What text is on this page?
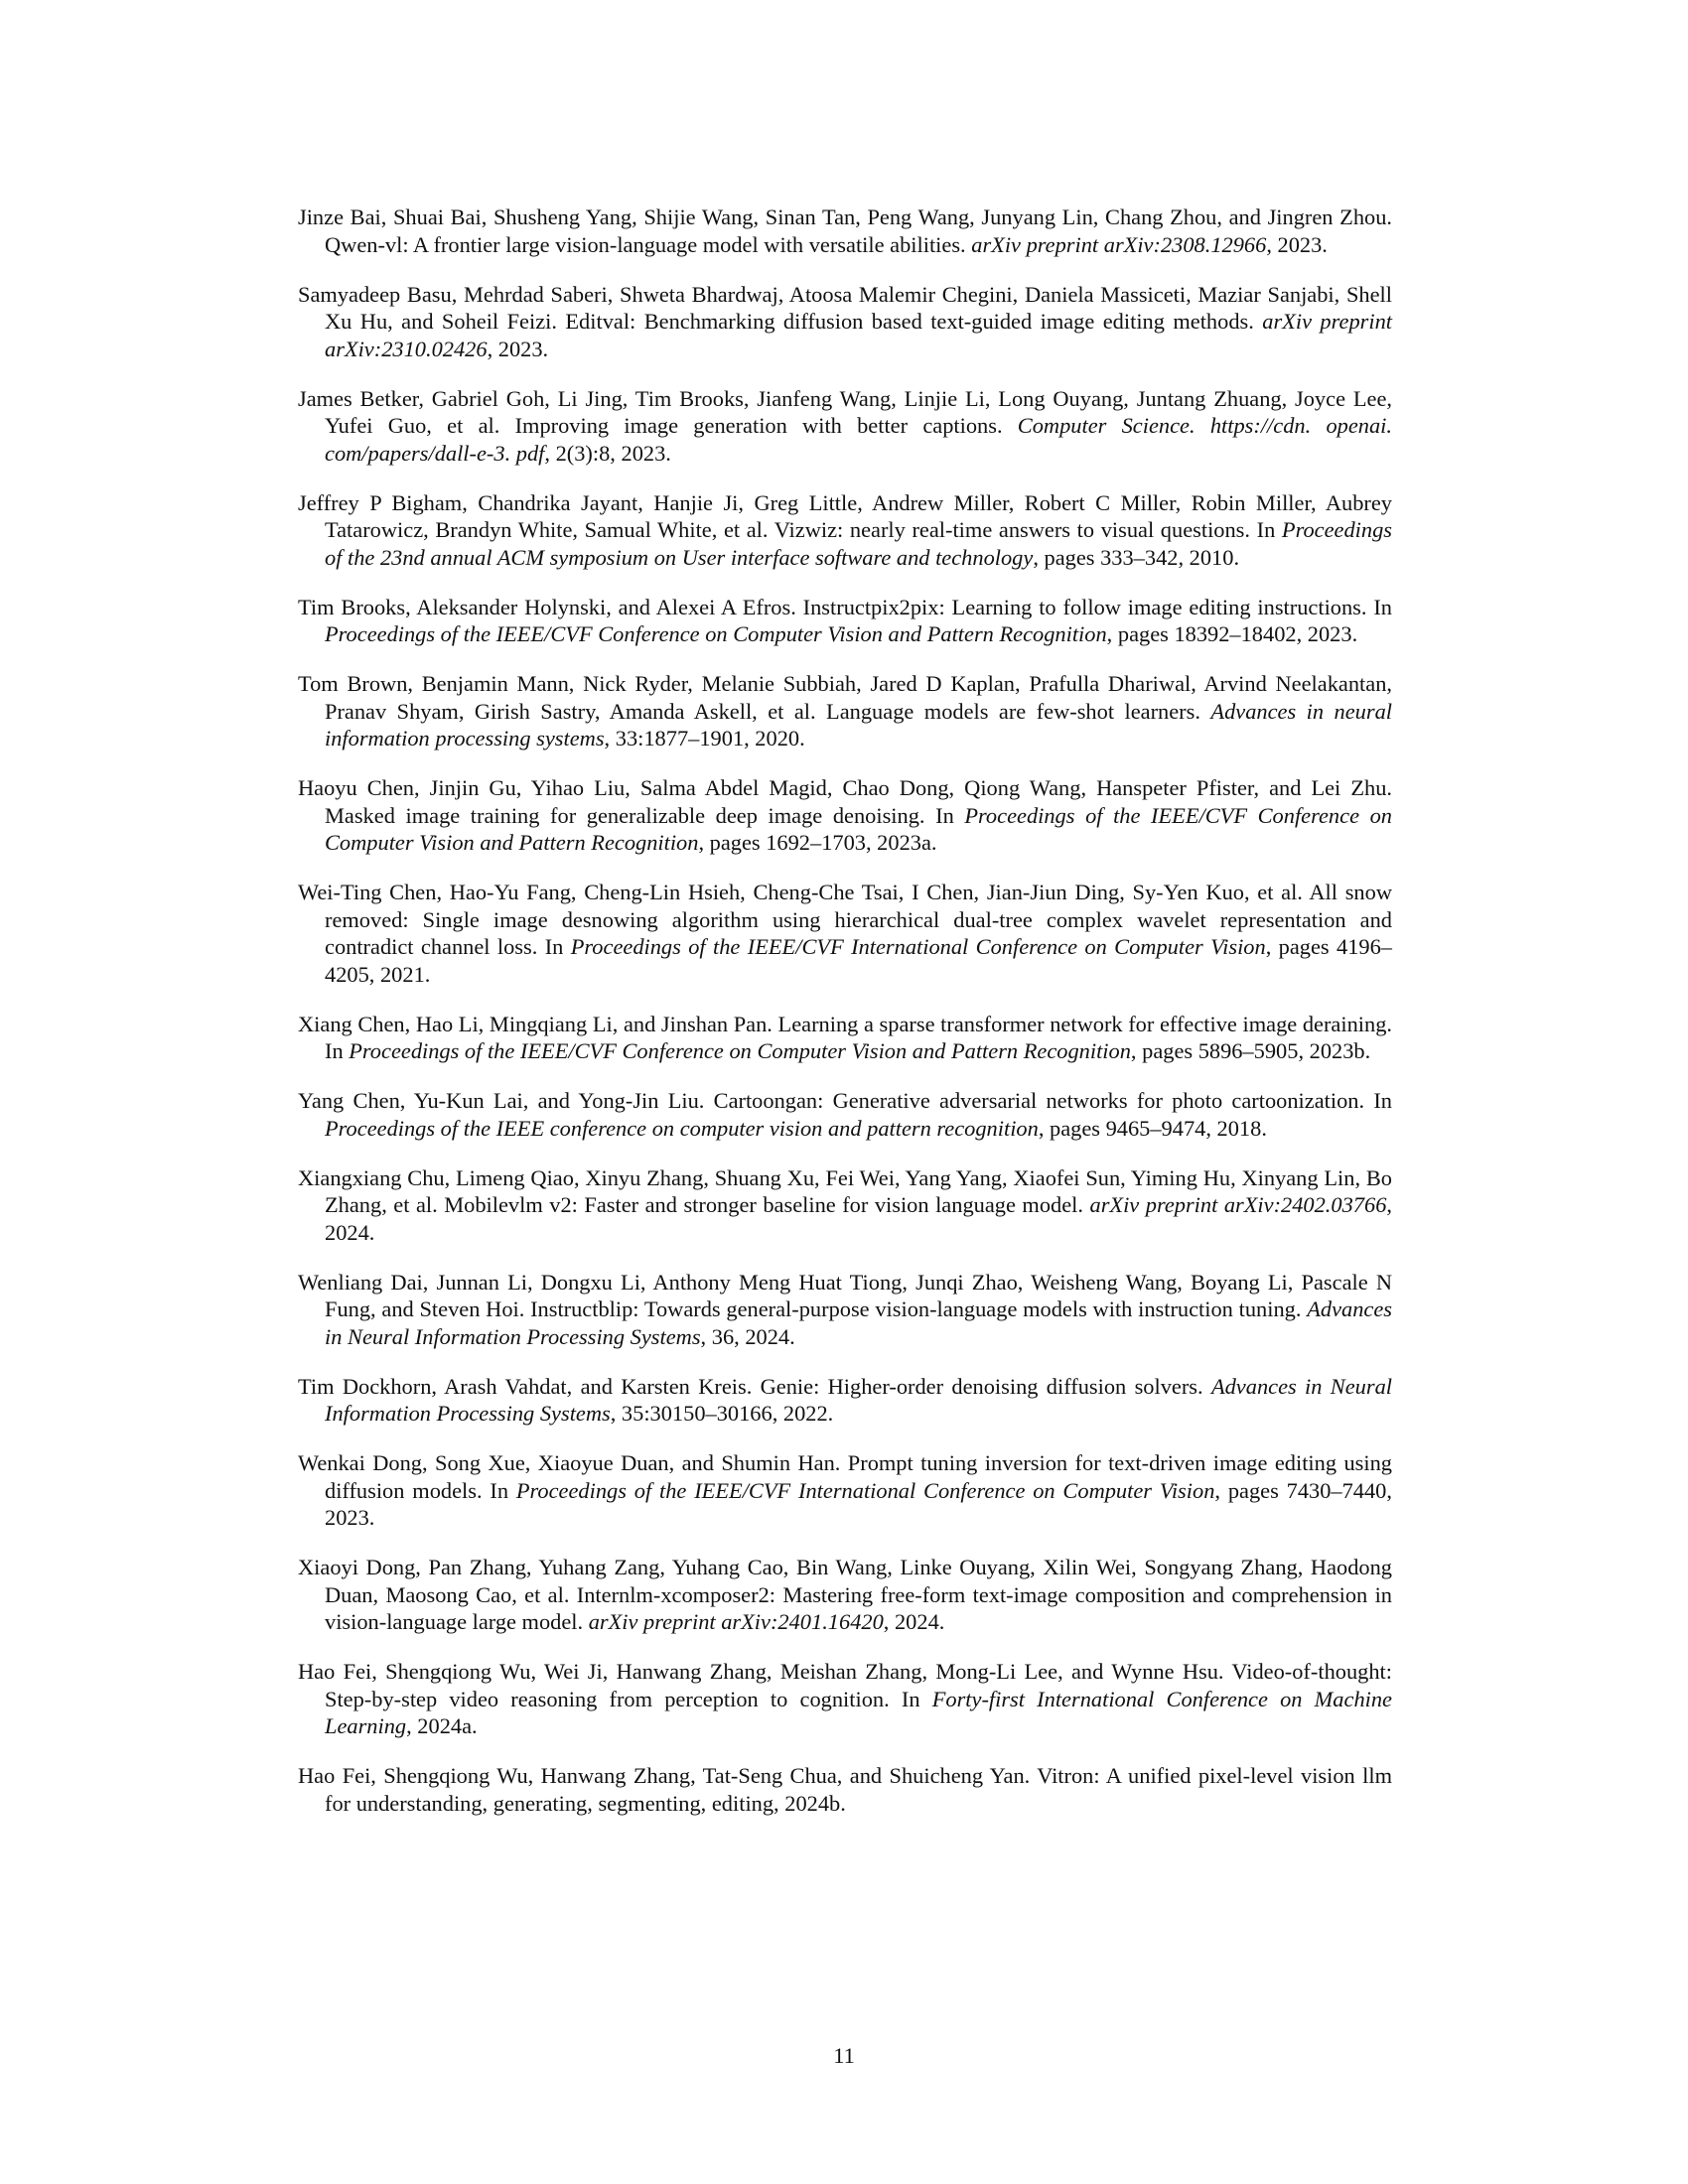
Jinze Bai, Shuai Bai, Shusheng Yang, Shijie Wang, Sinan Tan, Peng Wang, Junyang Lin, Chang Zhou, and Jingren Zhou. Qwen-vl: A frontier large vision-language model with versatile abilities. arXiv preprint arXiv:2308.12966, 2023.

Samyadeep Basu, Mehrdad Saberi, Shweta Bhardwaj, Atoosa Malemir Chegini, Daniela Massiceti, Maziar Sanjabi, Shell Xu Hu, and Soheil Feizi. Editval: Benchmarking diffusion based text-guided image editing methods. arXiv preprint arXiv:2310.02426, 2023.

James Betker, Gabriel Goh, Li Jing, Tim Brooks, Jianfeng Wang, Linjie Li, Long Ouyang, Juntang Zhuang, Joyce Lee, Yufei Guo, et al. Improving image generation with better captions. Computer Science. https://cdn. openai. com/papers/dall-e-3. pdf, 2(3):8, 2023.

Jeffrey P Bigham, Chandrika Jayant, Hanjie Ji, Greg Little, Andrew Miller, Robert C Miller, Robin Miller, Aubrey Tatarowicz, Brandyn White, Samual White, et al. Vizwiz: nearly real-time answers to visual questions. In Proceedings of the 23nd annual ACM symposium on User interface software and technology, pages 333–342, 2010.

Tim Brooks, Aleksander Holynski, and Alexei A Efros. Instructpix2pix: Learning to follow image editing instructions. In Proceedings of the IEEE/CVF Conference on Computer Vision and Pattern Recognition, pages 18392–18402, 2023.

Tom Brown, Benjamin Mann, Nick Ryder, Melanie Subbiah, Jared D Kaplan, Prafulla Dhariwal, Arvind Neelakantan, Pranav Shyam, Girish Sastry, Amanda Askell, et al. Language models are few-shot learners. Advances in neural information processing systems, 33:1877–1901, 2020.

Haoyu Chen, Jinjin Gu, Yihao Liu, Salma Abdel Magid, Chao Dong, Qiong Wang, Hanspeter Pfister, and Lei Zhu. Masked image training for generalizable deep image denoising. In Proceedings of the IEEE/CVF Conference on Computer Vision and Pattern Recognition, pages 1692–1703, 2023a.

Wei-Ting Chen, Hao-Yu Fang, Cheng-Lin Hsieh, Cheng-Che Tsai, I Chen, Jian-Jiun Ding, Sy-Yen Kuo, et al. All snow removed: Single image desnowing algorithm using hierarchical dual-tree complex wavelet representation and contradict channel loss. In Proceedings of the IEEE/CVF International Conference on Computer Vision, pages 4196–4205, 2021.

Xiang Chen, Hao Li, Mingqiang Li, and Jinshan Pan. Learning a sparse transformer network for effective image deraining. In Proceedings of the IEEE/CVF Conference on Computer Vision and Pattern Recognition, pages 5896–5905, 2023b.

Yang Chen, Yu-Kun Lai, and Yong-Jin Liu. Cartoongan: Generative adversarial networks for photo cartoonization. In Proceedings of the IEEE conference on computer vision and pattern recognition, pages 9465–9474, 2018.

Xiangxiang Chu, Limeng Qiao, Xinyu Zhang, Shuang Xu, Fei Wei, Yang Yang, Xiaofei Sun, Yiming Hu, Xinyang Lin, Bo Zhang, et al. Mobilevlm v2: Faster and stronger baseline for vision language model. arXiv preprint arXiv:2402.03766, 2024.

Wenliang Dai, Junnan Li, Dongxu Li, Anthony Meng Huat Tiong, Junqi Zhao, Weisheng Wang, Boyang Li, Pascale N Fung, and Steven Hoi. Instructblip: Towards general-purpose vision-language models with instruction tuning. Advances in Neural Information Processing Systems, 36, 2024.

Tim Dockhorn, Arash Vahdat, and Karsten Kreis. Genie: Higher-order denoising diffusion solvers. Advances in Neural Information Processing Systems, 35:30150–30166, 2022.

Wenkai Dong, Song Xue, Xiaoyue Duan, and Shumin Han. Prompt tuning inversion for text-driven image editing using diffusion models. In Proceedings of the IEEE/CVF International Conference on Computer Vision, pages 7430–7440, 2023.

Xiaoyi Dong, Pan Zhang, Yuhang Zang, Yuhang Cao, Bin Wang, Linke Ouyang, Xilin Wei, Songyang Zhang, Haodong Duan, Maosong Cao, et al. Internlm-xcomposer2: Mastering free-form text-image composition and comprehension in vision-language large model. arXiv preprint arXiv:2401.16420, 2024.

Hao Fei, Shengqiong Wu, Wei Ji, Hanwang Zhang, Meishan Zhang, Mong-Li Lee, and Wynne Hsu. Video-of-thought: Step-by-step video reasoning from perception to cognition. In Forty-first International Conference on Machine Learning, 2024a.

Hao Fei, Shengqiong Wu, Hanwang Zhang, Tat-Seng Chua, and Shuicheng Yan. Vitron: A unified pixel-level vision llm for understanding, generating, segmenting, editing, 2024b.

11
